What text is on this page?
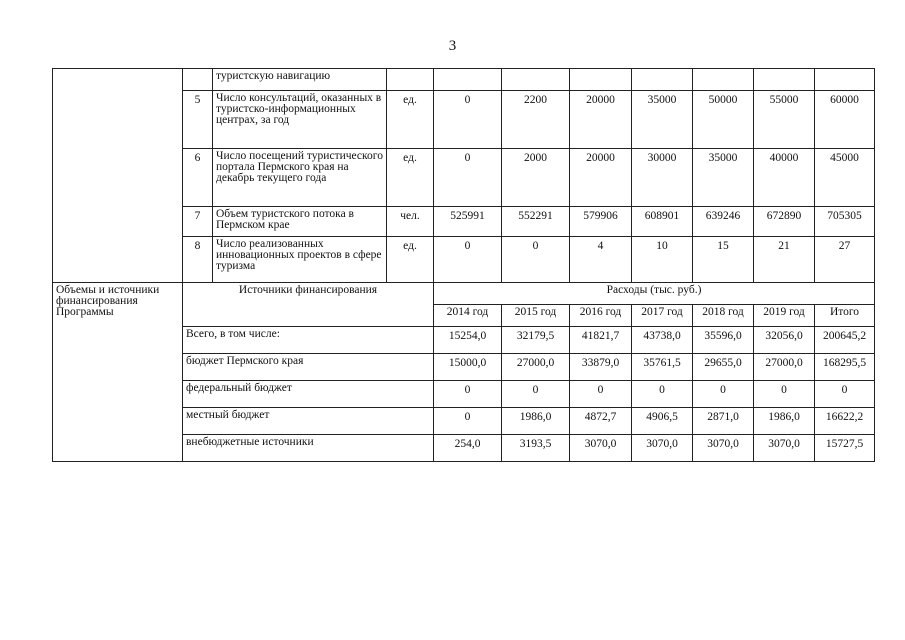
3
		туристскую навигацию								
	5	Число консультаций, оказанных в туристско-информационных центрах, за год	ед.	0	2200	20000	35000	50000	55000	60000
	6	Число посещений туристического портала Пермского края на декабрь текущего года	ед.	0	2000	20000	30000	35000	40000	45000
	7	Объем туристского потока в Пермском крае	чел.	525991	552291	579906	608901	639246	672890	705305
	8	Число реализованных инновационных проектов в сфере туризма	ед.	0	0	4	10	15	21	27
Объемы и источники финансирования Программы	Источники финансирования			Расходы (тыс. руб.)						
				2014 год	2015 год	2016 год	2017 год	2018 год	2019 год	Итого
	Всего, в том числе:			15254,0	32179,5	41821,7	43738,0	35596,0	32056,0	200645,2
	бюджет Пермского края			15000,0	27000,0	33879,0	35761,5	29655,0	27000,0	168295,5
	федеральный бюджет			0	0	0	0	0	0	0
	местный бюджет			0	1986,0	4872,7	4906,5	2871,0	1986,0	16622,2
	внебюджетные источники			254,0	3193,5	3070,0	3070,0	3070,0	3070,0	15727,5
